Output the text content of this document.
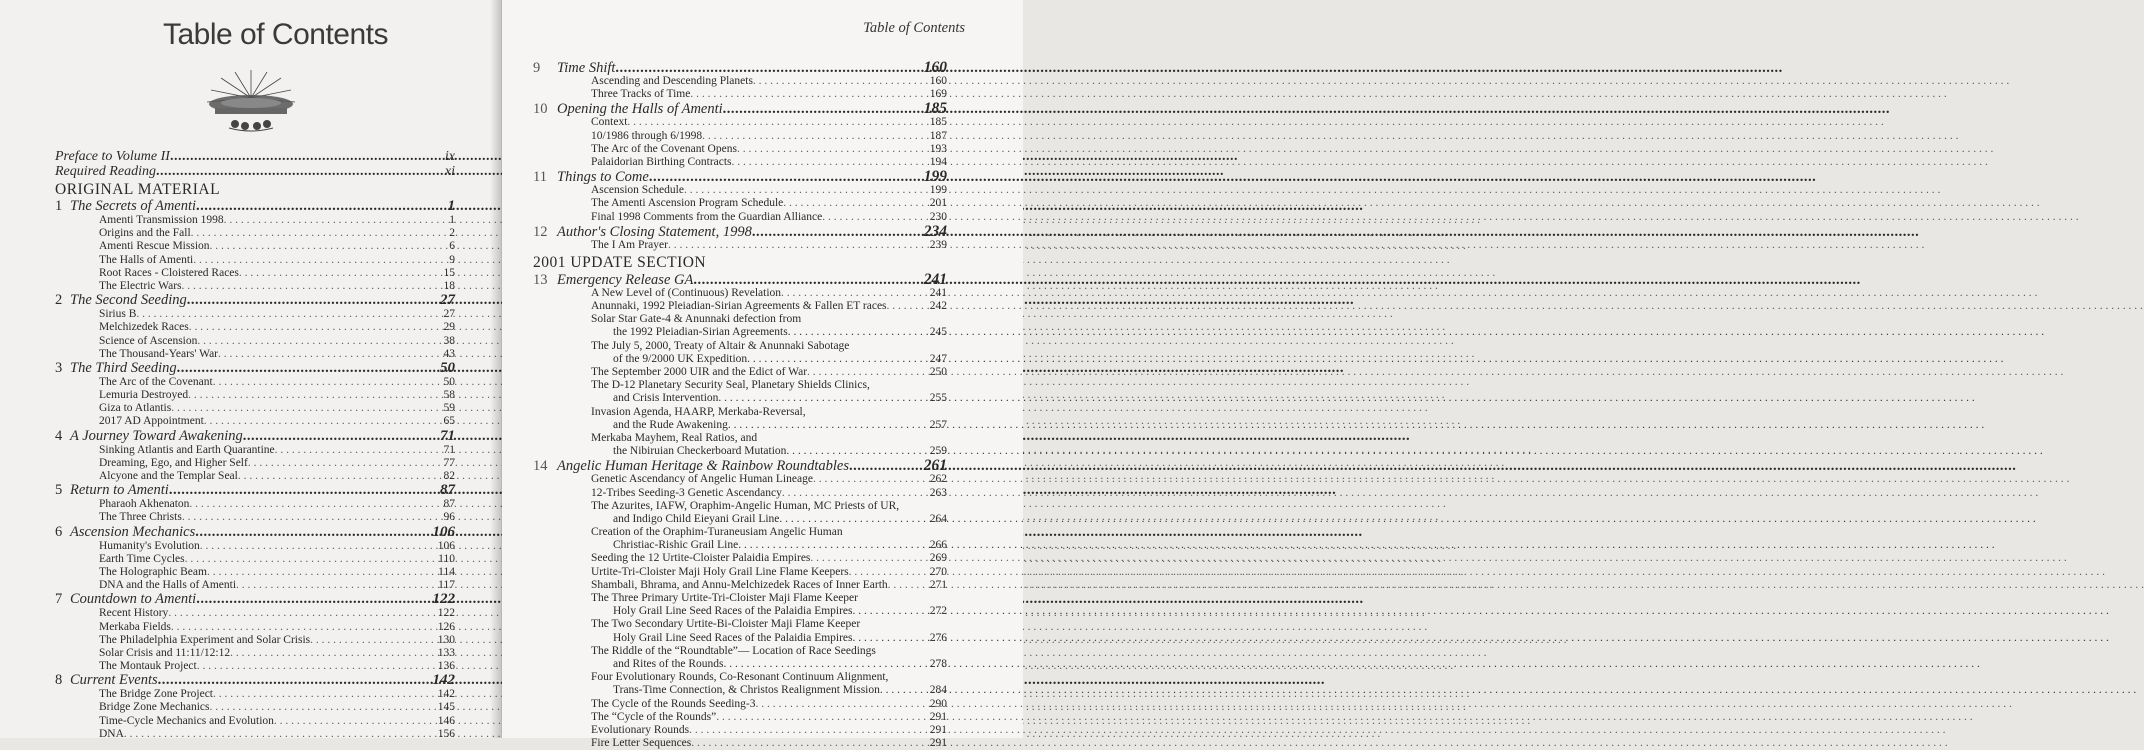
Table of Contents
Preface to Volume II .....	ix
Required Reading .....	xi
ORIGINAL MATERIAL
1 The Secrets of Amenti .....	1
Amenti Transmission 1998 . . .	1
Origins and the Fall . . .	2
Amenti Rescue Mission . . .	6
The Halls of Amenti . . .	9
Root Races - Cloistered Races . . .	15
The Electric Wars . . .	18
2 The Second Seeding .....	27
Sirius B . . .	27
Melchizedek Races . . .	29
Science of Ascension . . .	38
The Thousand-Years' War . . .	43
3 The Third Seeding .....	50
The Arc of the Covenant . . .	50
Lemuria Destroyed . . .	58
Giza to Atlantis . . .	59
2017 AD Appointment . . .	65
4 A Journey Toward Awakening .....	71
Sinking Atlantis and Earth Quarantine . . .	71
Dreaming, Ego, and Higher Self . . .	77
Alcyone and the Templar Seal . . .	82
5 Return to Amenti .....	87
Pharaoh Akhenaton . . .	87
The Three Christs . . .	96
6 Ascension Mechanics .....	106
Humanity's Evolution . . .	106
Earth Time Cycles . . .	110
The Holographic Beam . . .	114
DNA and the Halls of Amenti . . .	117
7 Countdown to Amenti .....	122
Recent History . . .	122
Merkaba Fields . . .	126
The Philadelphia Experiment and Solar Crisis . . .	130
Solar Crisis and 11:11/12:12 . . .	133
The Montauk Project . . .	136
8 Current Events .....	142
The Bridge Zone Project . . .	142
Bridge Zone Mechanics . . .	145
Time-Cycle Mechanics and Evolution . . .	146
DNA . . .	156
Table of Contents
9 Time Shift .....	160
Ascending and Descending Planets . . .	160
Three Tracks of Time . . .	169
10 Opening the Halls of Amenti .....	185
Context . . .	185
10/1986 through 6/1998 . . .	187
The Arc of the Covenant Opens . . .	193
Palaidorian Birthing Contracts . . .	194
11 Things to Come .....	199
Ascension Schedule . . .	199
The Amenti Ascension Program Schedule . . .	201
Final 1998 Comments from the Guardian Alliance . . .	230
12 Author's Closing Statement, 1998 .....	234
The I Am Prayer . . .	239
2001 UPDATE SECTION
13 Emergency Release GA .....	241
A New Level of (Continuous) Revelation . . .	241
Anunnaki, 1992 Pleiadian-Sirian Agreements & Fallen ET races . . .	242
Solar Star Gate-4 & Anunnaki defection from
the 1992 Pleiadian-Sirian Agreements . . .	245
The July 5, 2000, Treaty of Altair & Anunnaki Sabotage
of the 9/2000 UK Expedition . . .	247
The September 2000 UIR and the Edict of War . . .	250
The D-12 Planetary Security Seal, Planetary Shields Clinics,
and Crisis Intervention . . .	255
Invasion Agenda, HAARP, Merkaba-Reversal,
and the Rude Awakening . . .	257
Merkaba Mayhem, Real Ratios, and
the Nibiruian Checkerboard Mutation . . .	259
14 Angelic Human Heritage & Rainbow Roundtables .....	261
Genetic Ascendancy of Angelic Human Lineage . . .	262
12-Tribes Seeding-3 Genetic Ascendancy . . .	263
The Azurites, IAFW, Oraphim-Angelic Human, MC Priests of UR,
and Indigo Child Eieyani Grail Line . . .	264
Creation of the Oraphim-Turaneusiam Angelic Human
Christiac-Rishic Grail Line . . .	266
Seeding the 12 Urtite-Cloister Palaidia Empires . . .	269
Urtite-Tri-Cloister Maji Holy Grail Line Flame Keepers . . .	270
Shambali, Bhrama, and Annu-Melchizedek Races of Inner Earth . . .	271
The Three Primary Urtite-Tri-Cloister Maji Flame Keeper
Holy Grail Line Seed Races of the Palaidia Empires . . .	272
The Two Secondary Urtite-Bi-Cloister Maji Flame Keeper
Holy Grail Line Seed Races of the Palaidia Empires . . .	276
The Riddle of the “Roundtable”— Location of Race Seedings
and Rites of the Rounds . . .	278
Four Evolutionary Rounds, Co-Resonant Continuum Alignment,
Trans-Time Connection, & Christos Realignment Mission . . .	284
The Cycle of the Rounds Seeding-3 . . .	290
The “Cycle of the Rounds” . . .	291
Evolutionary Rounds . . .	291
Fire Letter Sequences . . .	291
